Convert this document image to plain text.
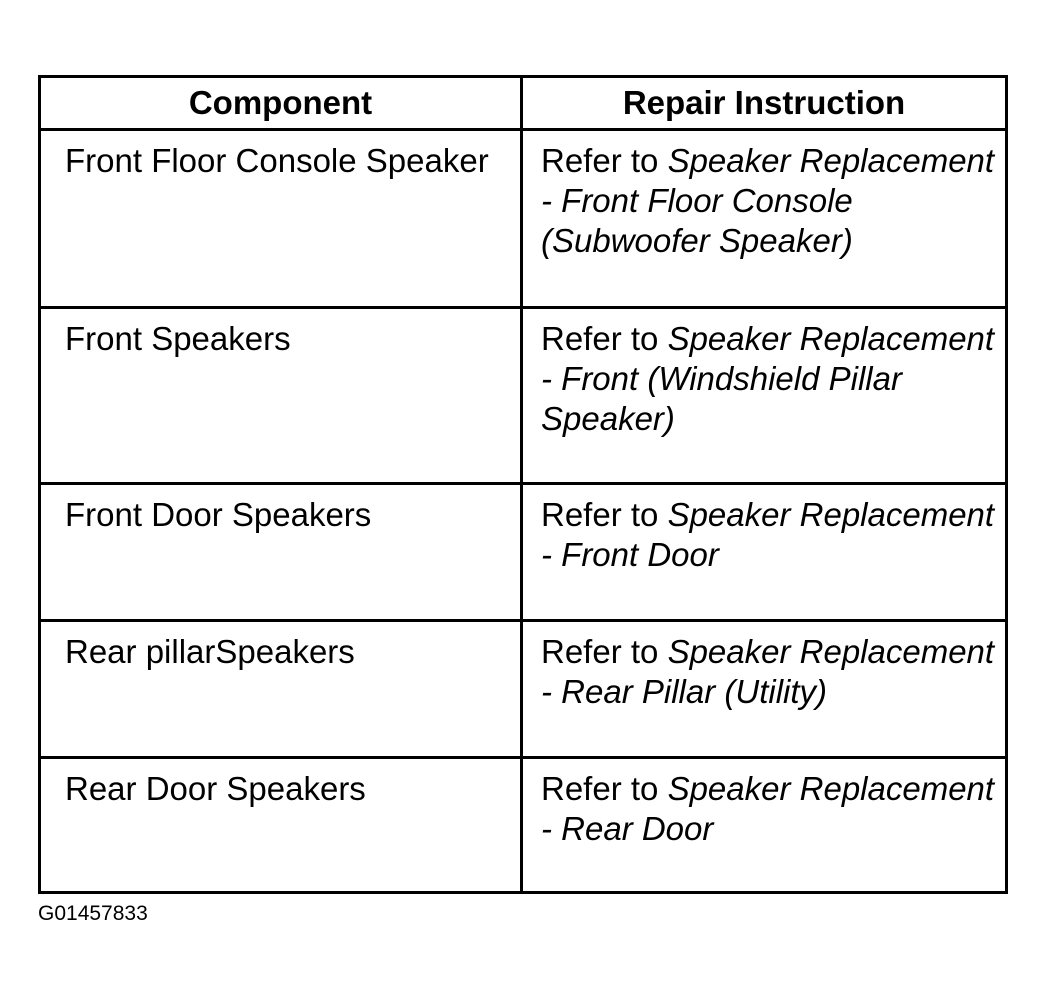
Component	Repair Instruction
Front Floor Console Speaker	Refer to Speaker Replacement - Front Floor Console (Subwoofer Speaker)
Front Speakers	Refer to Speaker Replacement - Front (Windshield Pillar Speaker)
Front Door Speakers	Refer to Speaker Replacement - Front Door
Rear pillarSpeakers	Refer to Speaker Replacement - Rear Pillar (Utility)
Rear Door Speakers	Refer to Speaker Replacement - Rear Door
G01457833
